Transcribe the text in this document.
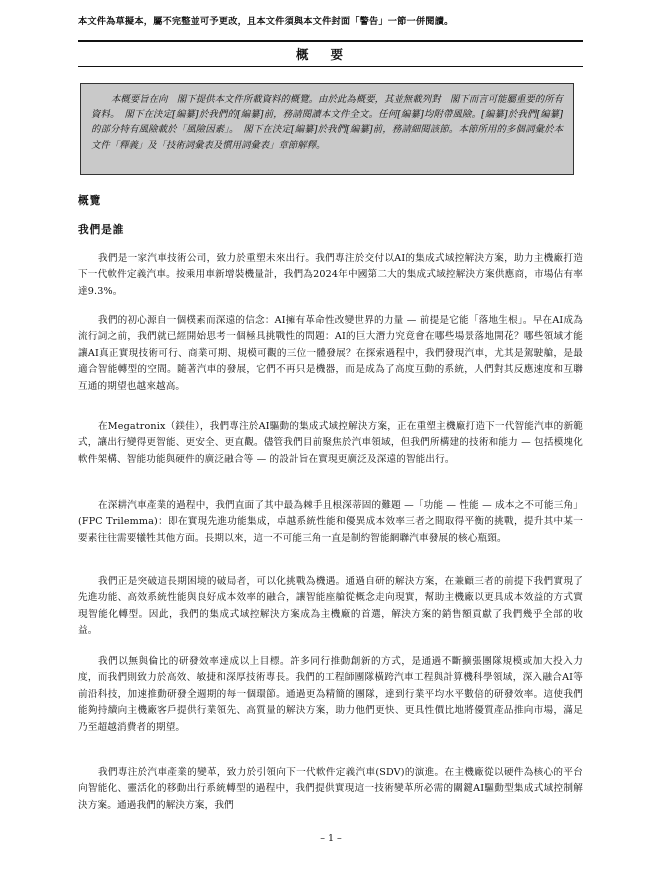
本文件為草擬本，屬不完整並可予更改，且本文件須與本文件封面「警告」一節一併閱讀。
概要
本概要旨在向　閣下提供本文件所載資料的概覽。由於此為概要，其並無載列對　閣下而言可能屬重要的所有資料。　閣下在決定[編纂]於我們的[編纂]前，務請閱讀本文件全文。任何[編纂]均附帶風險。[編纂]於我們[編纂]的部分特有風險載於「風險因素」。　閣下在決定[編纂]於我們[編纂]前，務請細閱該節。本節所用的多個詞彙於本文件「釋義」及「技術詞彙表及慣用詞彙表」章節解釋。
概覽
我們是誰
我們是一家汽車技術公司，致力於重塑未來出行。我們專注於交付以AI的集成式域控解決方案，助力主機廠打造下一代軟件定義汽車。按乘用車新增裝機量計，我們為2024年中國第二大的集成式域控解決方案供應商，市場佔有率達9.3%。
我們的初心源自一個樸素而深遠的信念：AI擁有革命性改變世界的力量 — 前提是它能「落地生根」。早在AI成為流行詞之前，我們就已經開始思考一個極具挑戰性的問題：AI的巨大潛力究竟會在哪些場景落地開花？哪些領域才能讓AI真正實現技術可行、商業可期、規模可觀的三位一體發展？在探索過程中，我們發現汽車，尤其是駕駛艙，是最適合智能轉型的空間。隨著汽車的發展，它們不再只是機器，而是成為了高度互動的系統，人們對其反應速度和互聯互通的期望也越來越高。
在Megatronix（鎂佳），我們專注於AI驅動的集成式域控解決方案，正在重塑主機廠打造下一代智能汽車的新範式，讓出行變得更智能、更安全、更直觀。儘管我們目前聚焦於汽車領域，但我們所構建的技術和能力 — 包括模塊化軟件架構、智能功能與硬件的廣泛融合等 — 的設計旨在實現更廣泛及深遠的智能出行。
在深耕汽車產業的過程中，我們直面了其中最為棘手且根深蒂固的難題 —「功能 — 性能 — 成本之不可能三角」(FPC Trilemma)：即在實現先進功能集成，卓越系統性能和優異成本效率三者之間取得平衡的挑戰，提升其中某一要素往往需要犧牲其他方面。長期以來，這一不可能三角一直是制約智能網聯汽車發展的核心瓶頸。
我們正是突破這長期困境的破局者，可以化挑戰為機遇。通過自研的解決方案，在兼顧三者的前提下我們實現了先進功能、高效系統性能與良好成本效率的融合，讓智能座艙從概念走向現實，幫助主機廠以更具成本效益的方式實現智能化轉型。因此，我們的集成式域控解決方案成為主機廠的首選，解決方案的銷售額貢獻了我們幾乎全部的收益。
我們以無與倫比的研發效率達成以上目標。許多同行推動創新的方式，是通過不斷擴張團隊規模或加大投入力度，而我們則致力於高效、敏捷和深厚技術專長。我們的工程師團隊橫跨汽車工程與計算機科學領域，深入融合AI等前沿科技，加速推動研發全週期的每一個環節。通過更為精簡的團隊，達到行業平均水平數倍的研發效率。這使我們能夠持續向主機廠客戶提供行業領先、高質量的解決方案，助力他們更快、更具性價比地將優質產品推向市場，滿足乃至超越消費者的期望。
我們專注於汽車產業的變革，致力於引領向下一代軟件定義汽車(SDV)的演進。在主機廠從以硬件為核心的平台向智能化、靈活化的移動出行系統轉型的過程中，我們提供實現這一技術變革所必需的關鍵AI驅動型集成式域控制解決方案。通過我們的解決方案，我們
– 1 –
